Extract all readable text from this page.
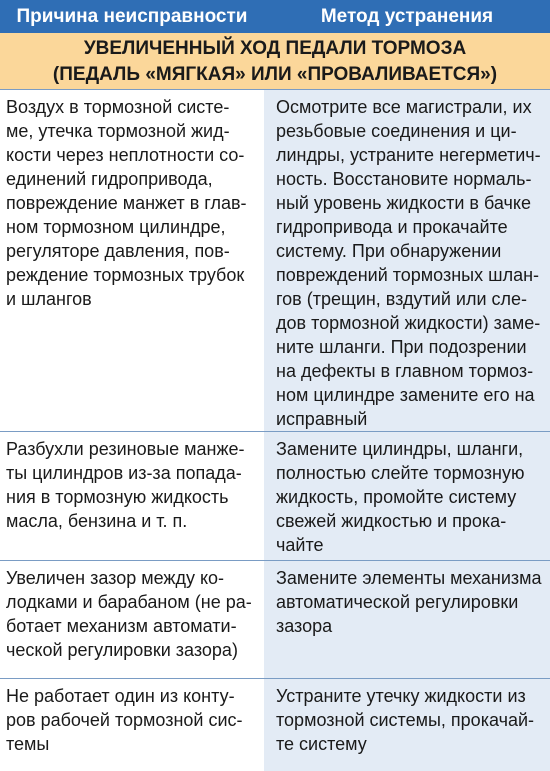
Причина неисправности	Метод устранения
УВЕЛИЧЕННЫЙ ХОД ПЕДАЛИ ТОРМОЗА
(ПЕДАЛЬ «МЯГКАЯ» ИЛИ «ПРОВАЛИВАЕТСЯ»)
Воздух в тормозной систе-
ме, утечка тормозной жид-
кости через неплотности со-
единений гидропривода,
повреждение манжет в глав-
ном тормозном цилиндре,
регуляторе давления, пов-
реждение тормозных трубок
и шлангов
Осмотрите все магистрали, их
резьбовые соединения и ци-
линдры, устраните негерметич-
ность. Восстановите нормаль-
ный уровень жидкости в бачке
гидропривода и прокачайте
систему. При обнаружении
повреждений тормозных шлан-
гов (трещин, вздутий или сле-
дов тормозной жидкости) заме-
ните шланги. При подозрении
на дефекты в главном тормоз-
ном цилиндре замените его на
исправный
Разбухли резиновые манже-
ты цилиндров из-за попада-
ния в тормозную жидкость
масла, бензина и т. п.
Замените цилиндры, шланги,
полностью слейте тормозную
жидкость, промойте систему
свежей жидкостью и прока-
чайте
Увеличен зазор между ко-
лодками и барабаном (не ра-
ботает механизм автомати-
ческой регулировки зазора)
Замените элементы механизма
автоматической регулировки
зазора
Не работает один из конту-
ров рабочей тормозной сис-
темы
Устраните утечку жидкости из
тормозной системы, прокачай-
те систему
